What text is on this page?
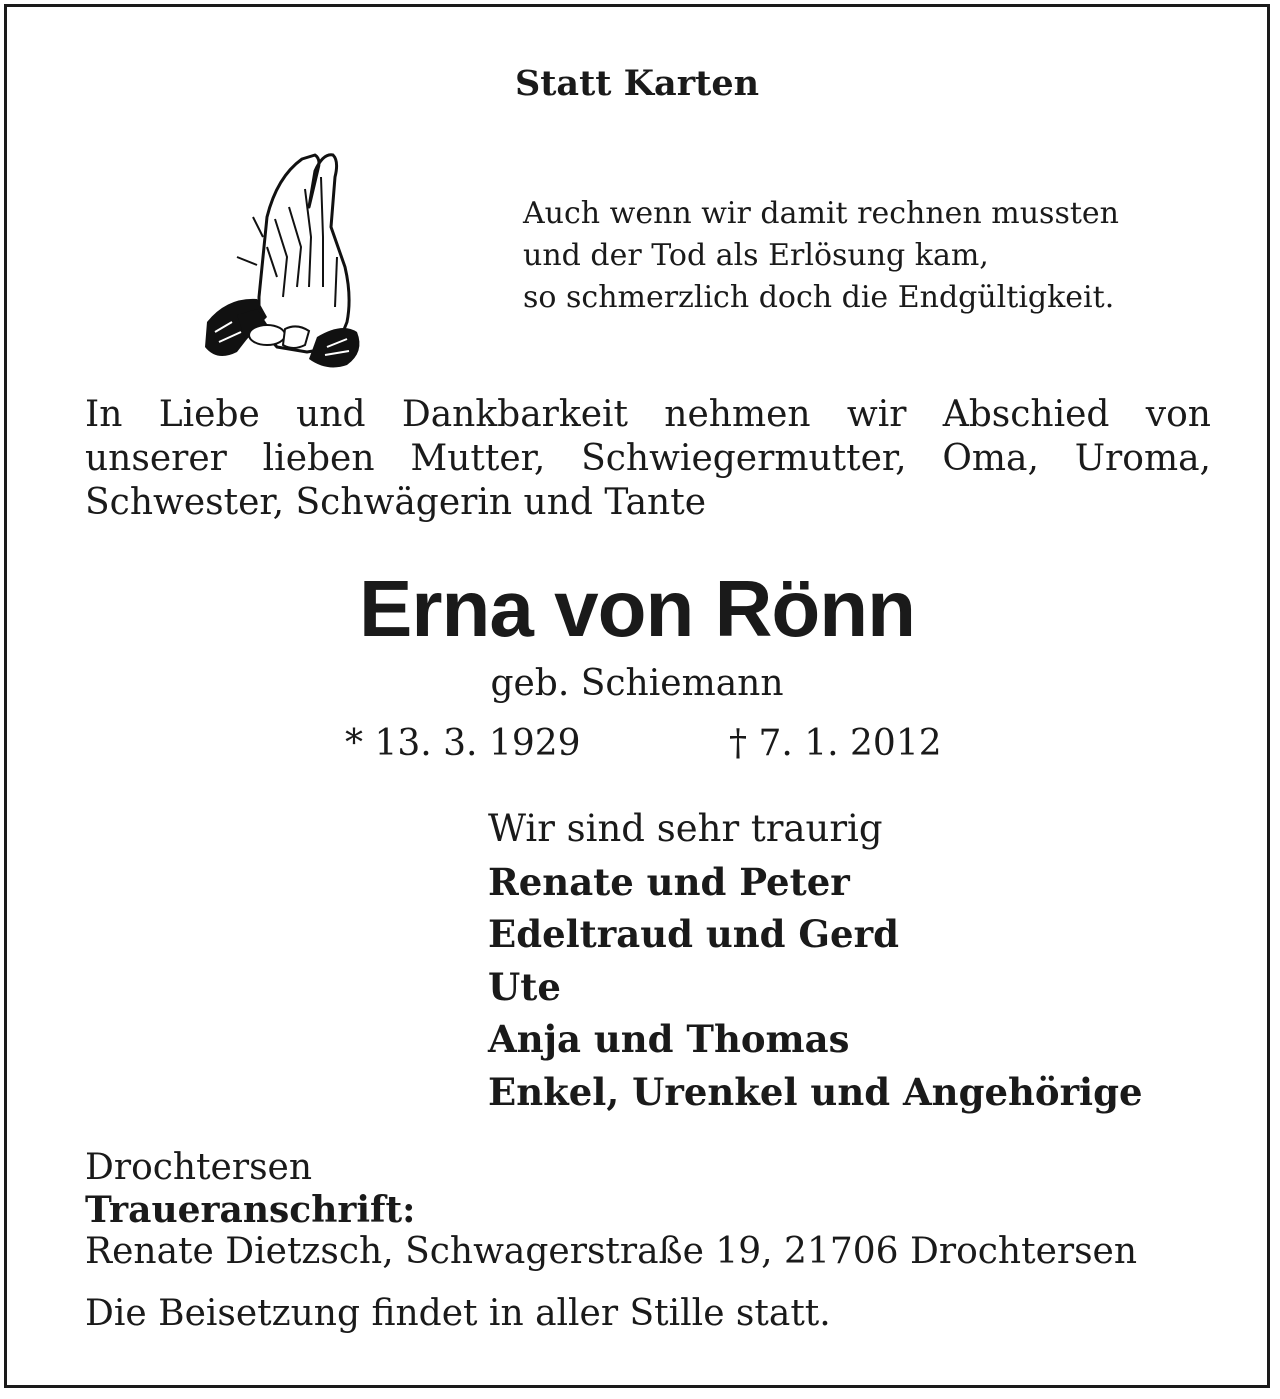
Statt Karten
Auch wenn wir damit rechnen mussten
und der Tod als Erlösung kam,
so schmerzlich doch die Endgültigkeit.
In Liebe und Dankbarkeit nehmen wir Abschied von
unserer lieben Mutter, Schwiegermutter, Oma, Uroma,
Schwester, Schwägerin und Tante
Erna von Rönn
geb. Schiemann
* 13. 3. 1929	† 7. 1. 2012
Wir sind sehr traurig
Renate und Peter
Edeltraud und Gerd
Ute
Anja und Thomas
Enkel, Urenkel und Angehörige
Drochtersen
Traueranschrift:
Renate Dietzsch, Schwagerstraße 19, 21706 Drochtersen
Die Beisetzung findet in aller Stille statt.
